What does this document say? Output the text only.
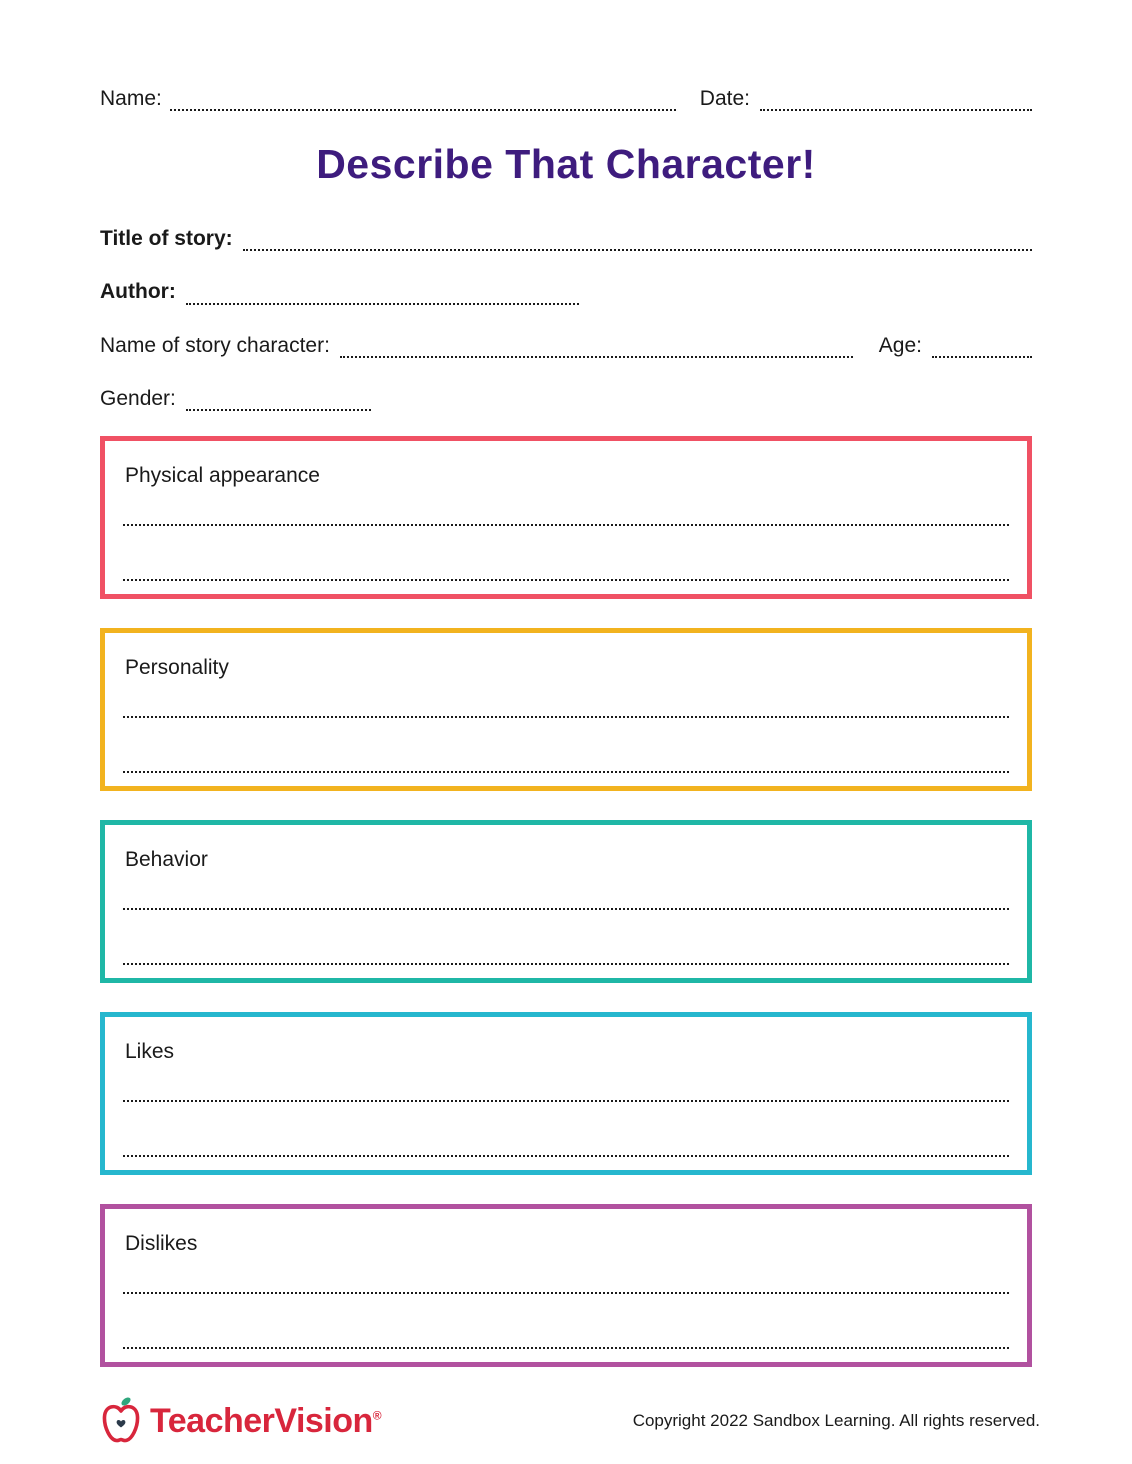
Name:	Date:
Describe That Character!
Title of story:
Author:
Name of story character:	Age:
Gender:
Physical appearance
Personality
Behavior
Likes
Dislikes
TeacherVision®	Copyright 2022 Sandbox Learning. All rights reserved.
